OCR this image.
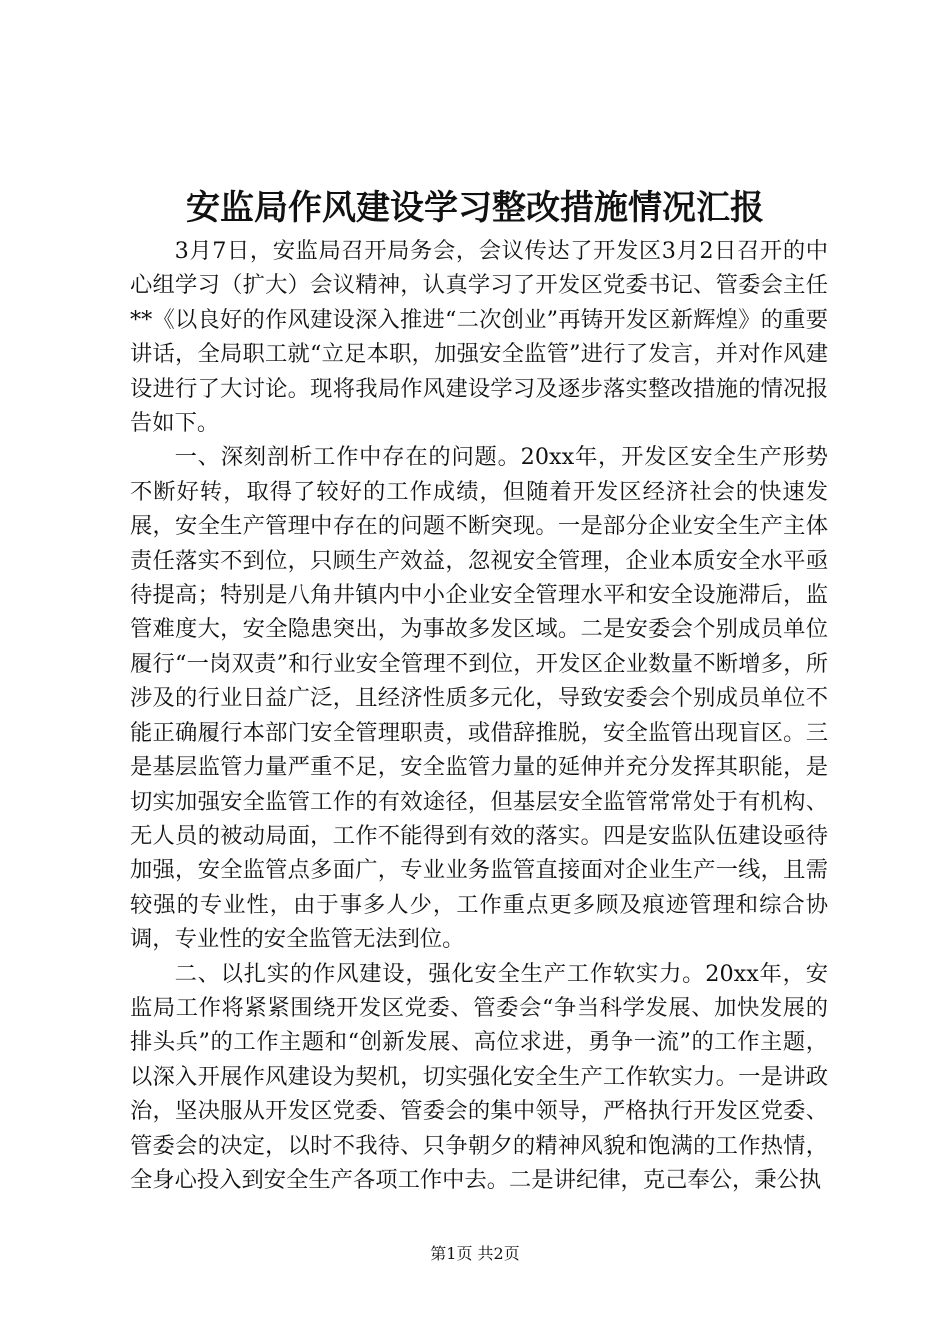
安监局作风建设学习整改措施情况汇报

3月7日，安监局召开局务会，会议传达了开发区3月2日召开的中心组学习（扩大）会议精神，认真学习了开发区党委书记、管委会主任**《以良好的作风建设深入推进“二次创业”再铸开发区新辉煌》的重要讲话，全局职工就“立足本职，加强安全监管”进行了发言，并对作风建设进行了大讨论。现将我局作风建设学习及逐步落实整改措施的情况报告如下。

一、深刻剖析工作中存在的问题。20xx年，开发区安全生产形势不断好转，取得了较好的工作成绩，但随着开发区经济社会的快速发展，安全生产管理中存在的问题不断突现。一是部分企业安全生产主体责任落实不到位，只顾生产效益，忽视安全管理，企业本质安全水平亟待提高；特别是八角井镇内中小企业安全管理水平和安全设施滞后，监管难度大，安全隐患突出，为事故多发区域。二是安委会个别成员单位履行“一岗双责”和行业安全管理不到位，开发区企业数量不断增多，所涉及的行业日益广泛，且经济性质多元化，导致安委会个别成员单位不能正确履行本部门安全管理职责，或借辞推脱，安全监管出现盲区。三是基层监管力量严重不足，安全监管力量的延伸并充分发挥其职能，是切实加强安全监管工作的有效途径，但基层安全监管常常处于有机构、无人员的被动局面，工作不能得到有效的落实。四是安监队伍建设亟待加强，安全监管点多面广，专业业务监管直接面对企业生产一线，且需较强的专业性，由于事多人少，工作重点更多顾及痕迹管理和综合协调，专业性的安全监管无法到位。

二、以扎实的作风建设，强化安全生产工作软实力。20xx年，安监局工作将紧紧围绕开发区党委、管委会“争当科学发展、加快发展的排头兵”的工作主题和“创新发展、高位求进，勇争一流”的工作主题，以深入开展作风建设为契机，切实强化安全生产工作软实力。一是讲政治，坚决服从开发区党委、管委会的集中领导，严格执行开发区党委、管委会的决定，以时不我待、只争朝夕的精神风貌和饱满的工作热情，全身心投入到安全生产各项工作中去。二是讲纪律，克己奉公，秉公执

第1页 共2页
